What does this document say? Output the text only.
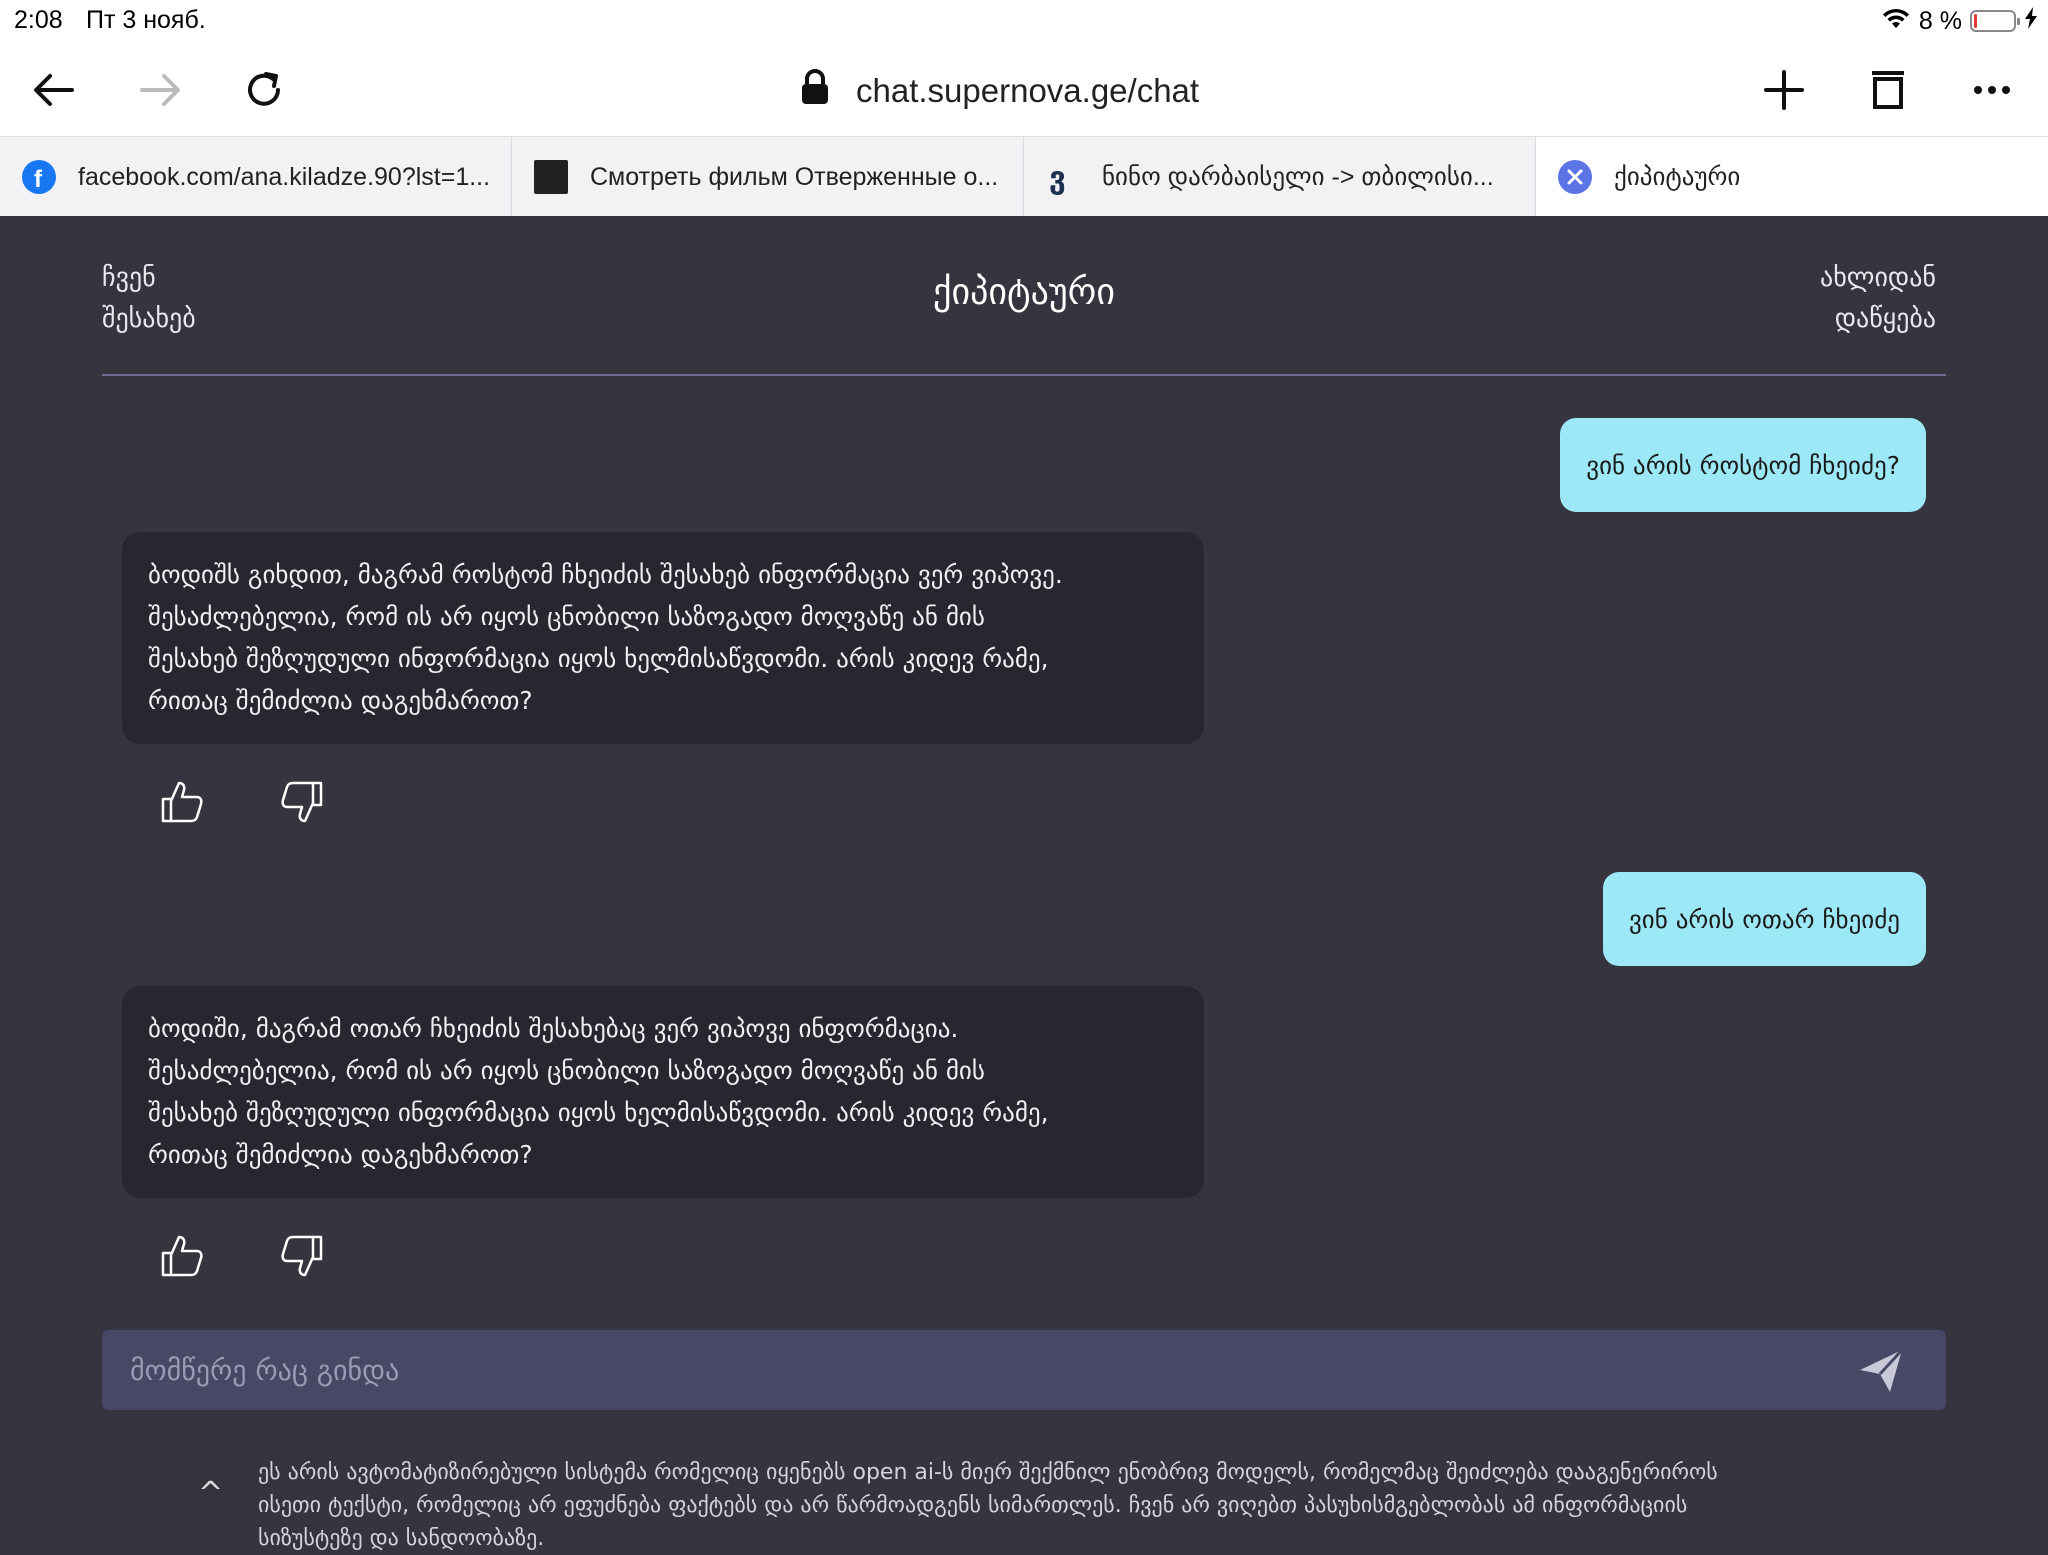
2:08 Пт 3 нояб.	8 %
chat.supernova.ge/chat
f facebook.com/ana.kiladze.90?lst=1...	Смотреть фильм Отверженные о... ვ ნინო დარბაისელი -> თბილისი...	ქიპიტაური
ჩვენ
შესახებ
ქიპიტაური	ახლიდან
დაწყება
ვინ არის როსტომ ჩხეიძე?

ბოდიშს გიხდით, მაგრამ როსტომ ჩხეიძის შესახებ ინფორმაცია ვერ ვიპოვე.

შესაძლებელია, რომ ის არ იყოს ცნობილი საზოგადო მოღვაწე ან მის

შესახებ შეზღუდული ინფორმაცია იყოს ხელმისაწვდომი. არის კიდევ რამე,

რითაც შემიძლია დაგეხმაროთ?

ვინ არის ოთარ ჩხეიძე

ბოდიში, მაგრამ ოთარ ჩხეიძის შესახებაც ვერ ვიპოვე ინფორმაცია.

შესაძლებელია, რომ ის არ იყოს ცნობილი საზოგადო მოღვაწე ან მის

შესახებ შეზღუდული ინფორმაცია იყოს ხელმისაწვდომი. არის კიდევ რამე,

რითაც შემიძლია დაგეხმაროთ?

მომწერე რაც გინდა
^
ეს არის ავტომატიზირებული სისტემა რომელიც იყენებს open ai-ს მიერ შექმნილ ენობრივ მოდელს, რომელმაც შეიძლება დააგენერიროს
ისეთი ტექსტი, რომელიც არ ეფუძნება ფაქტებს და არ წარმოადგენს სიმართლეს. ჩვენ არ ვიღებთ პასუხისმგებლობას ამ ინფორმაციის
სიზუსტეზე და სანდოობაზე.
